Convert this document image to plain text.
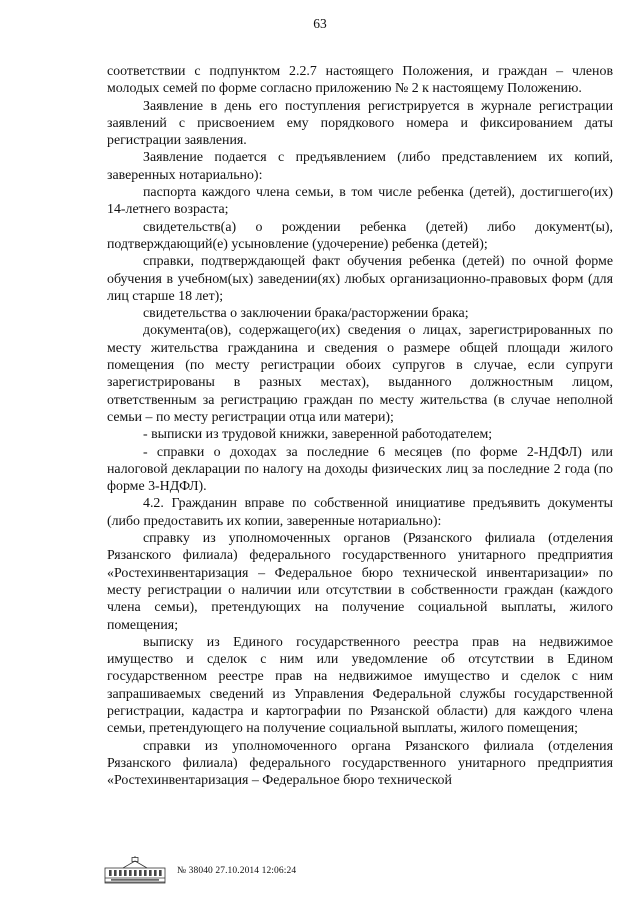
63

соответствии с подпунктом 2.2.7 настоящего Положения, и граждан – членов молодых семей по форме согласно приложению № 2 к настоящему Положению.

Заявление в день его поступления регистрируется в журнале регистрации заявлений с присвоением ему порядкового номера и фиксированием даты регистрации заявления.

Заявление подается с предъявлением (либо представлением их копий, заверенных нотариально):

паспорта каждого члена семьи, в том числе ребенка (детей), достигшего(их) 14-летнего возраста;

свидетельств(а) о рождении ребенка (детей) либо документ(ы), подтверждающий(е) усыновление (удочерение) ребенка (детей);

справки, подтверждающей факт обучения ребенка (детей) по очной форме обучения в учебном(ых) заведении(ях) любых организационно-правовых форм (для лиц старше 18 лет);

свидетельства о заключении брака/расторжении брака;

документа(ов), содержащего(их) сведения о лицах, зарегистрированных по месту жительства гражданина и сведения о размере общей площади жилого помещения (по месту регистрации обоих супругов в случае, если супруги зарегистрированы в разных местах), выданного должностным лицом, ответственным за регистрацию граждан по месту жительства (в случае неполной семьи – по месту регистрации отца или матери);

- выписки из трудовой книжки, заверенной работодателем;

- справки о доходах за последние 6 месяцев (по форме 2-НДФЛ) или налоговой декларации по налогу на доходы физических лиц за последние 2 года (по форме 3-НДФЛ).

4.2. Гражданин вправе по собственной инициативе предъявить документы (либо предоставить их копии, заверенные нотариально):

справку из уполномоченных органов (Рязанского филиала (отделения Рязанского филиала) федерального государственного унитарного предприятия «Ростехинвентаризация – Федеральное бюро технической инвентаризации» по месту регистрации о наличии или отсутствии в собственности граждан (каждого члена семьи), претендующих на получение социальной выплаты, жилого помещения;

выписку из Единого государственного реестра прав на недвижимое имущество и сделок с ним или уведомление об отсутствии в Едином государственном реестре прав на недвижимое имущество и сделок с ним запрашиваемых сведений из Управления Федеральной службы государственной регистрации, кадастра и картографии по Рязанской области) для каждого члена семьи, претендующего на получение социальной выплаты, жилого помещения;

справки из уполномоченного органа Рязанского филиала (отделения Рязанского филиала) федерального государственного унитарного предприятия «Ростехинвентаризация – Федеральное бюро технической

№ 38040 27.10.2014 12:06:24
